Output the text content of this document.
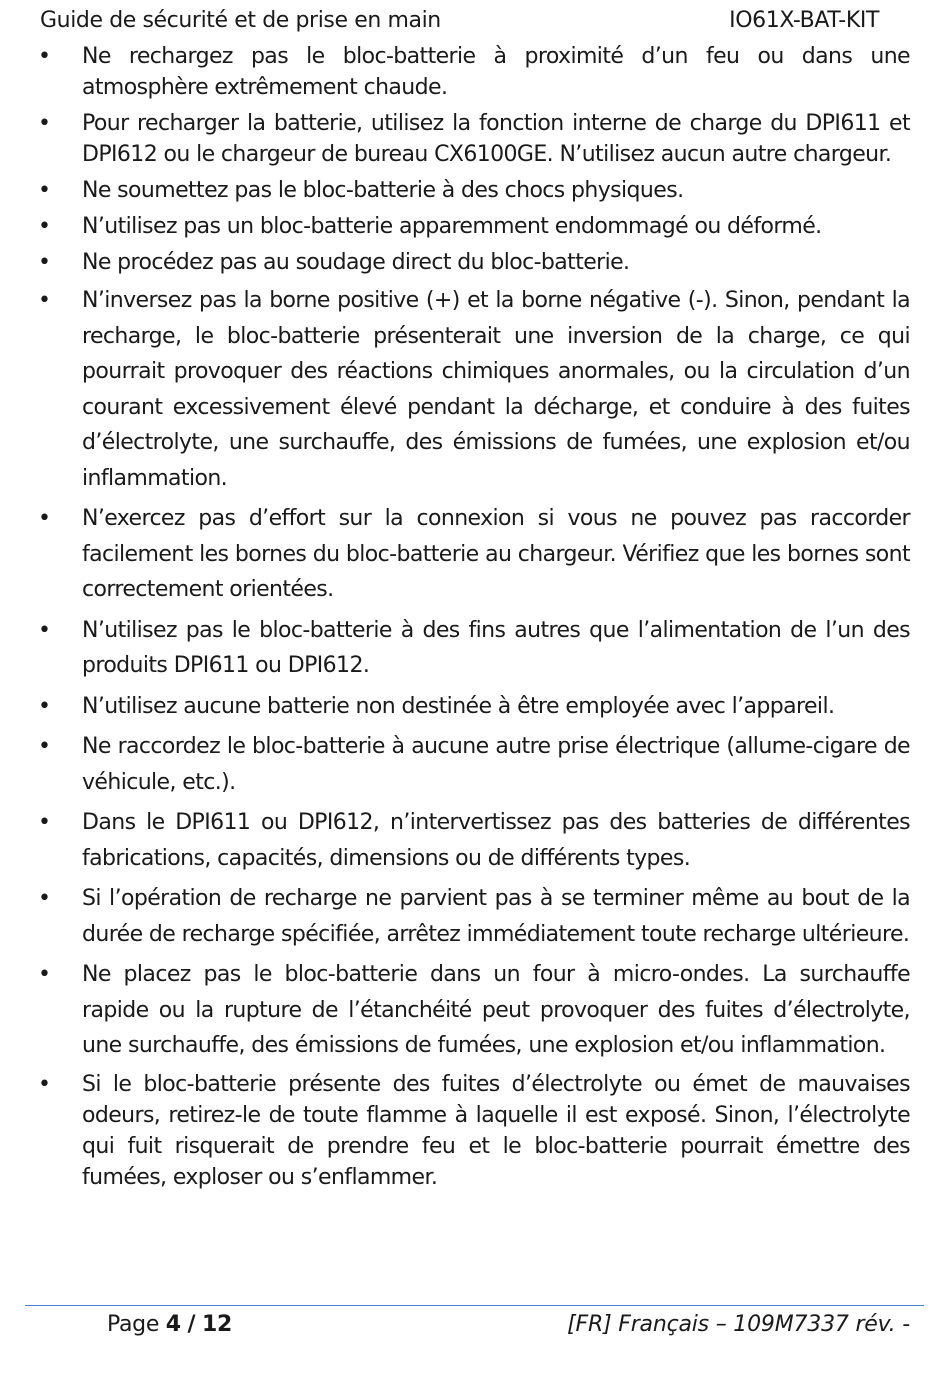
Guide de sécurité et de prise en main	IO61X-BAT-KIT
• Ne rechargez pas le bloc-batterie à proximité d’un feu ou dans une atmosphère extrêmement chaude.
• Pour recharger la batterie, utilisez la fonction interne de charge du DPI611 et DPI612 ou le chargeur de bureau CX6100GE. N’utilisez aucun autre chargeur.
• Ne soumettez pas le bloc-batterie à des chocs physiques.
• N’utilisez pas un bloc-batterie apparemment endommagé ou déformé.
• Ne procédez pas au soudage direct du bloc-batterie.
• N’inversez pas la borne positive (+) et la borne négative (-). Sinon, pendant la recharge, le bloc-batterie présenterait une inversion de la charge, ce qui pourrait provoquer des réactions chimiques anormales, ou la circulation d’un courant excessivement élevé pendant la décharge, et conduire à des fuites d’électrolyte, une surchauffe, des émissions de fumées, une explosion et/ou inflammation.
• N’exercez pas d’effort sur la connexion si vous ne pouvez pas raccorder facilement les bornes du bloc-batterie au chargeur. Vérifiez que les bornes sont correctement orientées.
• N’utilisez pas le bloc-batterie à des fins autres que l’alimentation de l’un des produits DPI611 ou DPI612.
• N’utilisez aucune batterie non destinée à être employée avec l’appareil.
• Ne raccordez le bloc-batterie à aucune autre prise électrique (allume-cigare de véhicule, etc.).
• Dans le DPI611 ou DPI612, n’intervertissez pas des batteries de différentes fabrications, capacités, dimensions ou de différents types.
• Si l’opération de recharge ne parvient pas à se terminer même au bout de la durée de recharge spécifiée, arrêtez immédiatement toute recharge ultérieure.
• Ne placez pas le bloc-batterie dans un four à micro-ondes. La surchauffe rapide ou la rupture de l’étanchéité peut provoquer des fuites d’électrolyte, une surchauffe, des émissions de fumées, une explosion et/ou inflammation.
• Si le bloc-batterie présente des fuites d’électrolyte ou émet de mauvaises odeurs, retirez-le de toute flamme à laquelle il est exposé. Sinon, l’électrolyte qui fuit risquerait de prendre feu et le bloc-batterie pourrait émettre des fumées, exploser ou s’enflammer.
Page 4 / 12	[FR] Français – 109M7337 rév. -
